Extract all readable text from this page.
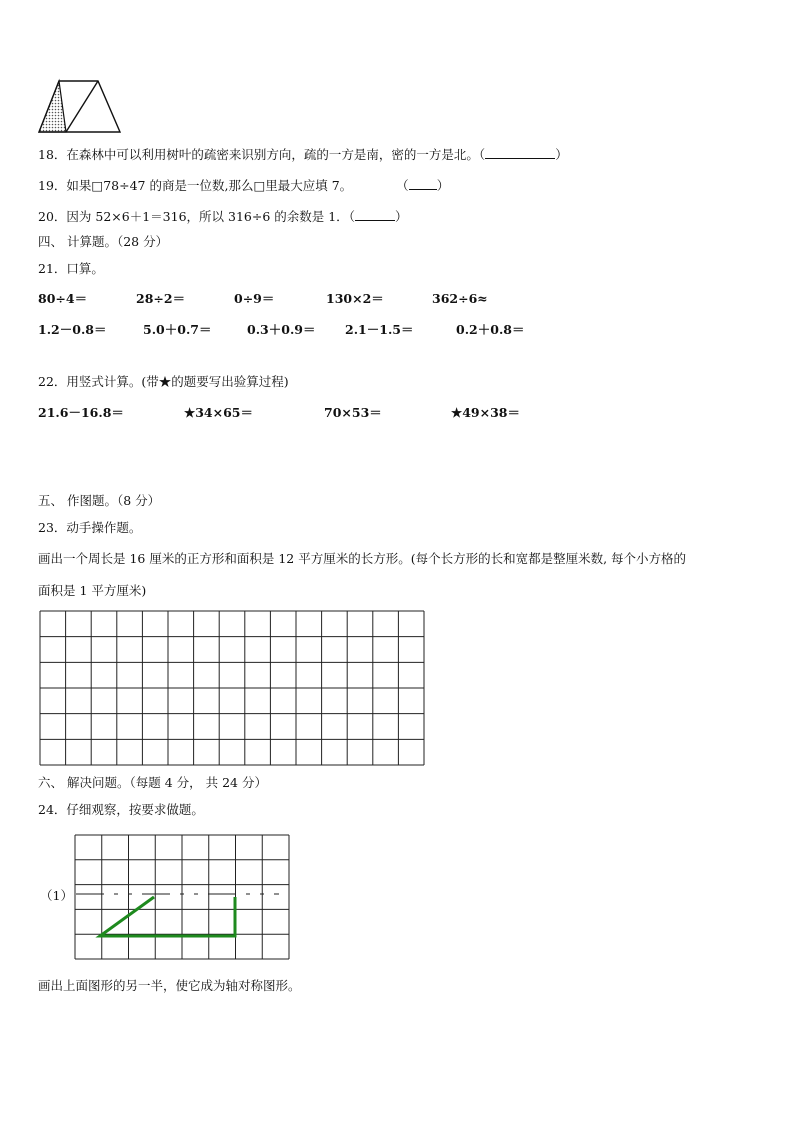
18．在森林中可以利用树叶的疏密来识别方向，疏的一方是南，密的一方是北。（	）
19．如果□78÷47 的商是一位数,那么□里最大应填 7。	（ ）
20．因为 52×6＋1＝316，所以 316÷6 的余数是 1．（	）
四、 计算题。（28 分）
21．口算。
80÷4＝	28÷2＝	0÷9＝	130×2＝	362÷6≈
1.2－0.8＝	5.0＋0.7＝	0.3＋0.9＝ 2.1－1.5＝	0.2＋0.8＝
22．用竖式计算。(带★的题要写出验算过程)
21.6－16.8＝	★34×65＝	70×53＝	★49×38＝
五、 作图题。（8 分）
23．动手操作题。
画出一个周长是 16 厘米的正方形和面积是 12 平方厘米的长方形。(每个长方形的长和宽都是整厘米数, 每个小方格的
面积是 1 平方厘米)
六、 解决问题。（每题 4 分， 共 24 分）
24．仔细观察，按要求做题。
（1）
画出上面图形的另一半，使它成为轴对称图形。
